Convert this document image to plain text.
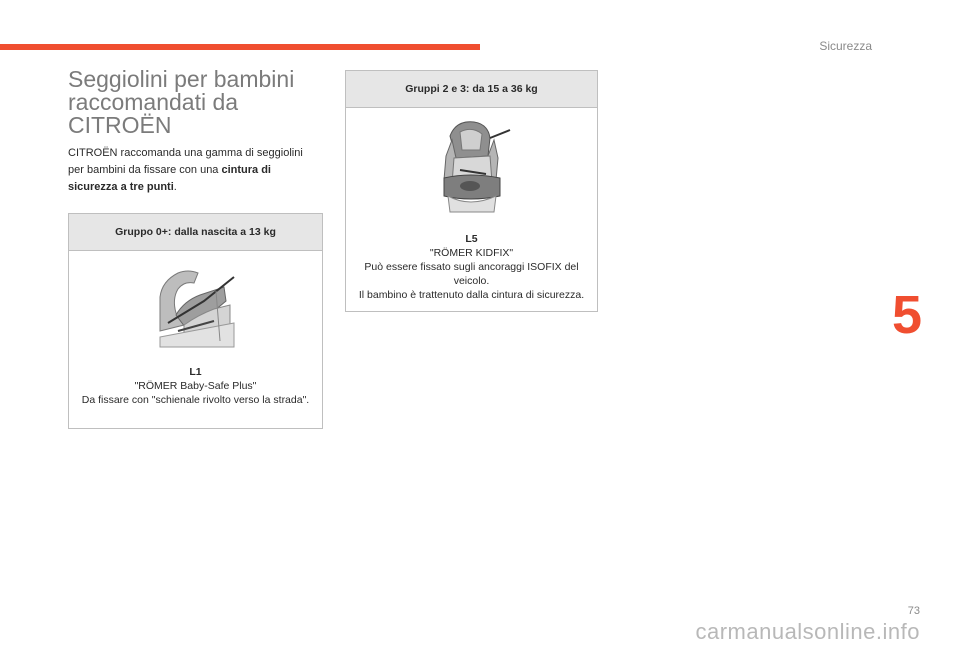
Sicurezza
Seggiolini per bambini
raccomandati da
CITROËN

CITROËN raccomanda una gamma di seggiolini per bambini da fissare con una cintura di sicurezza a tre punti.

Gruppo 0+: dalla nascita a 13 kg
L1
"RÖMER Baby-Safe Plus"
Da fissare con "schienale rivolto verso la strada".
Gruppi 2 e 3: da 15 a 36 kg
L5
"RÖMER KIDFIX"
Può essere fissato sugli ancoraggi ISOFIX del veicolo.
Il bambino è trattenuto dalla cintura di sicurezza.	5
73
carmanualsonline.info
